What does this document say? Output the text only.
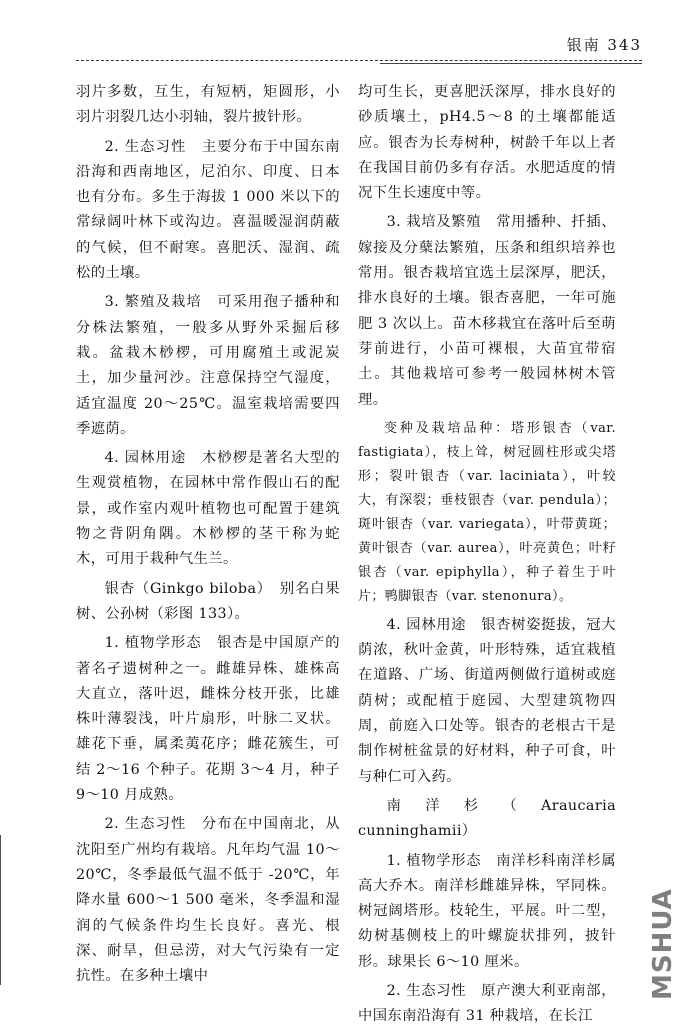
银南 343

羽片多数，互生，有短柄，矩圆形，小羽片羽裂几达小羽轴，裂片披针形。

2. 生态习性　主要分布于中国东南沿海和西南地区，尼泊尔、印度、日本也有分布。多生于海拔 1 000 米以下的常绿阔叶林下或沟边。喜温暖湿润荫蔽的气候，但不耐寒。喜肥沃、湿润、疏松的土壤。

3. 繁殖及栽培　可采用孢子播种和分株法繁殖，一般多从野外采掘后移栽。盆栽木桫椤，可用腐殖土或泥炭土，加少量河沙。注意保持空气湿度，适宜温度 20～25℃。温室栽培需要四季遮荫。

4. 园林用途　木桫椤是著名大型的生观赏植物，在园林中常作假山石的配景，或作室内观叶植物也可配置于建筑物之背阴角隅。木桫椤的茎干称为蛇木，可用于栽种气生兰。

银杏（Ginkgo biloba）　别名白果树、公孙树（彩图 133）。

1. 植物学形态　银杏是中国原产的著名孑遗树种之一。雌雄异株、雄株高大直立，落叶迟，雌株分枝开张，比雄株叶薄裂浅，叶片扇形，叶脉二叉状。雄花下垂，属柔荑花序；雌花簇生，可结 2～16 个种子。花期 3～4 月，种子 9～10 月成熟。

2. 生态习性　分布在中国南北，从沈阳至广州均有栽培。凡年均气温 10～20℃，冬季最低气温不低于 -20℃，年降水量 600～1 500 毫米，冬季温和湿润的气候条件均生长良好。喜光、根深、耐旱，但忌涝，对大气污染有一定抗性。在多种土壤中

均可生长，更喜肥沃深厚，排水良好的砂质壤土，pH4.5～8 的土壤都能适应。银杏为长寿树种，树龄千年以上者在我国目前仍多有存活。水肥适度的情况下生长速度中等。

3. 栽培及繁殖　常用播种、扦插、嫁接及分蘖法繁殖，压条和组织培养也常用。银杏栽培宜选土层深厚，肥沃，排水良好的土壤。银杏喜肥，一年可施肥 3 次以上。苗木移栽宜在落叶后至萌芽前进行，小苗可裸根，大苗宜带宿土。其他栽培可参考一般园林树木管理。

变种及栽培品种：塔形银杏（var. fastigiata），枝上耸，树冠圆柱形或尖塔形；裂叶银杏（var. laciniata），叶较大，有深裂；垂枝银杏（var. pendula）；斑叶银杏（var. variegata），叶带黄斑；黄叶银杏（var. aurea），叶亮黄色；叶籽银杏（var. epiphylla），种子着生于叶片；鸭脚银杏（var. stenonura）。

4. 园林用途　银杏树姿挺拔，冠大荫浓，秋叶金黄，叶形特殊，适宜栽植在道路、广场、街道两侧做行道树或庭荫树；或配植于庭园、大型建筑物四周，前庭入口处等。银杏的老根古干是制作树桩盆景的好材料，种子可食，叶与种仁可入药。

南洋杉（Araucaria cunninghamii）

1. 植物学形态　南洋杉科南洋杉属高大乔木。南洋杉雌雄异株，罕同株。树冠阔塔形。枝轮生，平展。叶二型，幼树基侧枝上的叶螺旋状排列，披针形。球果长 6～10 厘米。

2. 生态习性　原产澳大利亚南部，中国东南沿海有 31 种栽培，在长江

MSHUA
